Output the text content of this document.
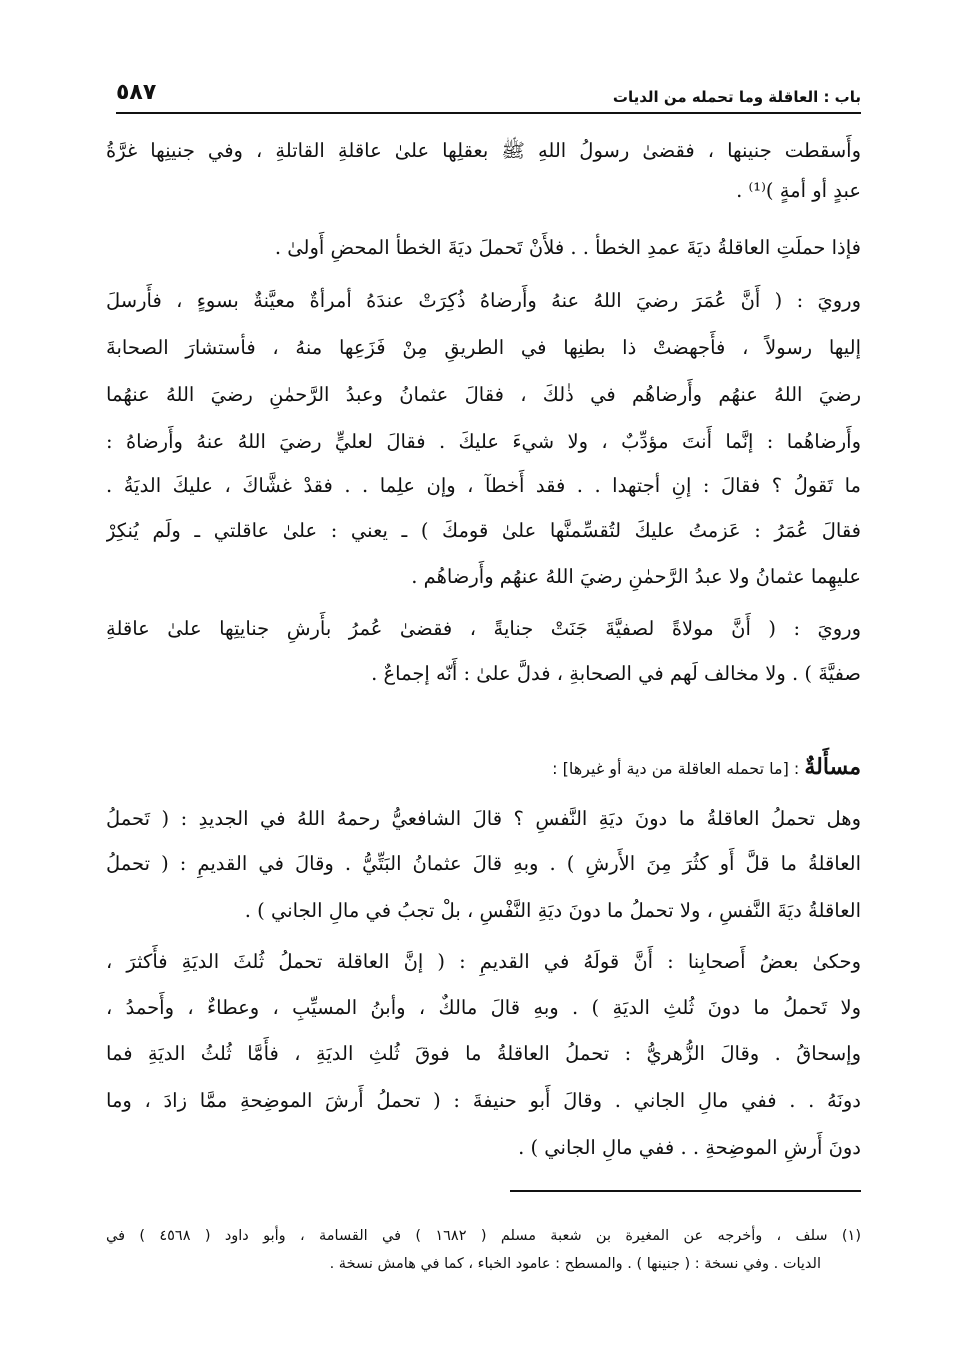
باب : العاقلة وما تحمله من الديات
٥٨٧
وأَسقطت جنينها ، فقضىٰ رسولُ اللهِ ﷺ بعقلِها علىٰ عاقلةِ القاتلةِ ، وفي جنينِها غرَّةُ
عبدٍ أو أمةٍ )⁽¹⁾ .
فإذا حملَتِ العاقلةُ ديَةَ عمدِ الخطأ . . فلأَنْ تَحملَ ديَةَ الخطأ المحضِ أَولىٰ .
ورويَ : ( أَنَّ عُمَرَ رضيَ اللهُ عنهُ وأَرضاهُ ذُكِرَتْ عندَهُ أمرأةٌ معيَّنةٌ بسوءٍ ، فأَرسلَ
إليها رسولاً ، فأَجهضتْ ذا بطنِها في الطريقِ مِنْ فَزَعِها منهُ ، فأستشارَ الصحابةَ
رضيَ اللهُ عنهُم وأَرضاهُم في ذٰلكَ ، فقالَ عثمانُ وعبدُ الرَّحمٰنِ رضيَ اللهُ عنهُما
وأَرضاهُما : إنَّما أَنتَ مؤدِّبٌ ، ولا شيءَ عليكَ . فقالَ لعليٍّ رضيَ اللهُ عنهُ وأَرضاهُ :
ما تَقولُ ؟ فقالَ : إنِ أجتهدا . . فقد أَخطآ ، وإن علِما . . فقدْ غشَّاكَ ، عليكَ الديَةُ .
فقالَ عُمَرُ : عَزمتُ عليكَ لتُقسِّمنَّها علىٰ قومكَ ) ـ يعني : علىٰ عاقلتي ـ ولَم يُنكِرْ
عليهِما عثمانُ ولا عبدُ الرَّحمٰنِ رضيَ اللهُ عنهُم وأَرضاهُم .
ورويَ : ( أَنَّ مولاةً لصفيَّةَ جَنَتْ جنايةً ، فقضىٰ عُمرُ بأَرشِ جنايتِها علىٰ عاقلةِ
صفيَّةَ ) . ولا مخالف لَهم في الصحابةِ ، فدلَّ علىٰ : أَنّه إجماعٌ .
مسأَلةٌ : [ما تحمله العاقلة من دية أو غيرها] :
وهل تحملُ العاقلةُ ما دونَ ديَةِ النَّفسِ ؟ قالَ الشافعيُّ رحمهُ اللهُ في الجديدِ : ( تَحملُ
العاقلةُ ما قلَّ أَو كثُرَ مِنَ الأَرشِ ) . وبهِ قالَ عثمانُ البَتِّيُّ . وقالَ في القديمِ : ( تحملُ
العاقلةُ ديَةَ النَّفسِ ، ولا تحملُ ما دونَ ديَةِ النَّفْسِ ، بلْ تجبُ في مالِ الجاني ) .
وحكىٰ بعضُ أَصحابِنا : أَنَّ قولَهُ في القديمِ : ( إنَّ العاقلة تحملُ ثُلثَ الديَةِ فأَكثرَ ،
ولا تَحملُ ما دونَ ثُلثِ الديَةِ ) . وبهِ قالَ مالكٌ ، وأبنُ المسيِّبِ ، وعطاءٌ ، وأَحمدُ ،
وإسحاقُ . وقالَ الزُّهريُّ : تحملُ العاقلةُ ما فوقَ ثُلثِ الديَةِ ، فأَمَّا ثُلثُ الديَةِ فما
دونَهُ . . ففي مالِ الجاني . وقالَ أَبو حنيفةَ : ( تحملُ أَرشَ الموضِحةِ ممَّا زادَ ، وما
دونَ أَرشِ الموضِحةِ . . ففي مالِ الجاني ) .
(١) سلف ، وأخرجه عن المغيرة بن شعبة مسلم ( ١٦٨٢ ) في القسامة ، وأبو داود ( ٤٥٦٨ ) في
الديات . وفي نسخة : ( جنينها ) . والمسطح : عامود الخباء ، كما في هامش نسخة .
